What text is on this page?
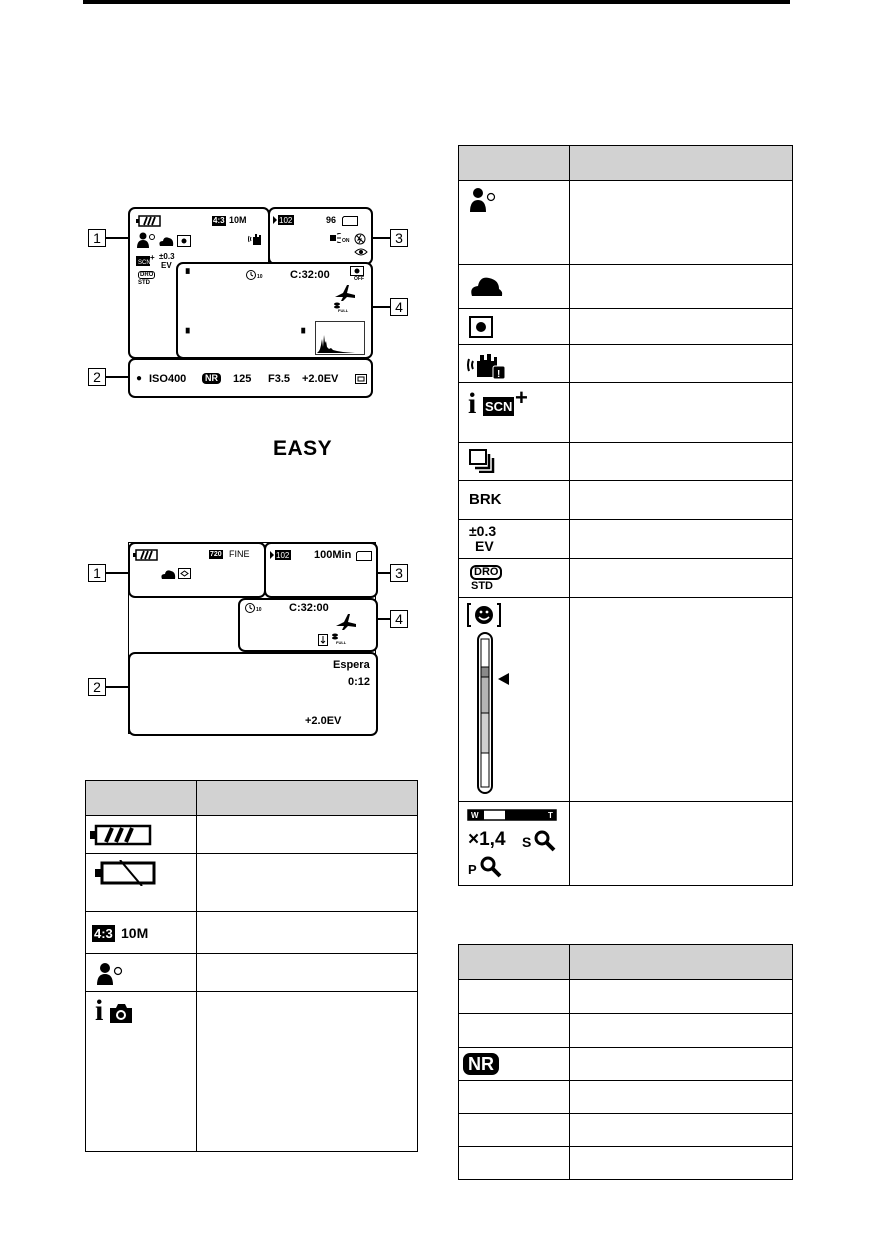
4:3 10M
SCN
+ ±0.3
EV
DRO
STD
102	96
ON
▘	10 C:32:00	OFF
FULL
▖	▗
● ISO400	NR 125 F3.5 +2.0EV
1	3
4
2
EASY
720 FINE	102 100Min
10 C:32:00
FULL
Espera
0:12
+2.0EV
1	3
4
2

4:3 10M	

i	

!	

i SCN +	

BRK	

±0.3
EV	

DRO
STD	

W T
×1,4 S
P	

NR	
